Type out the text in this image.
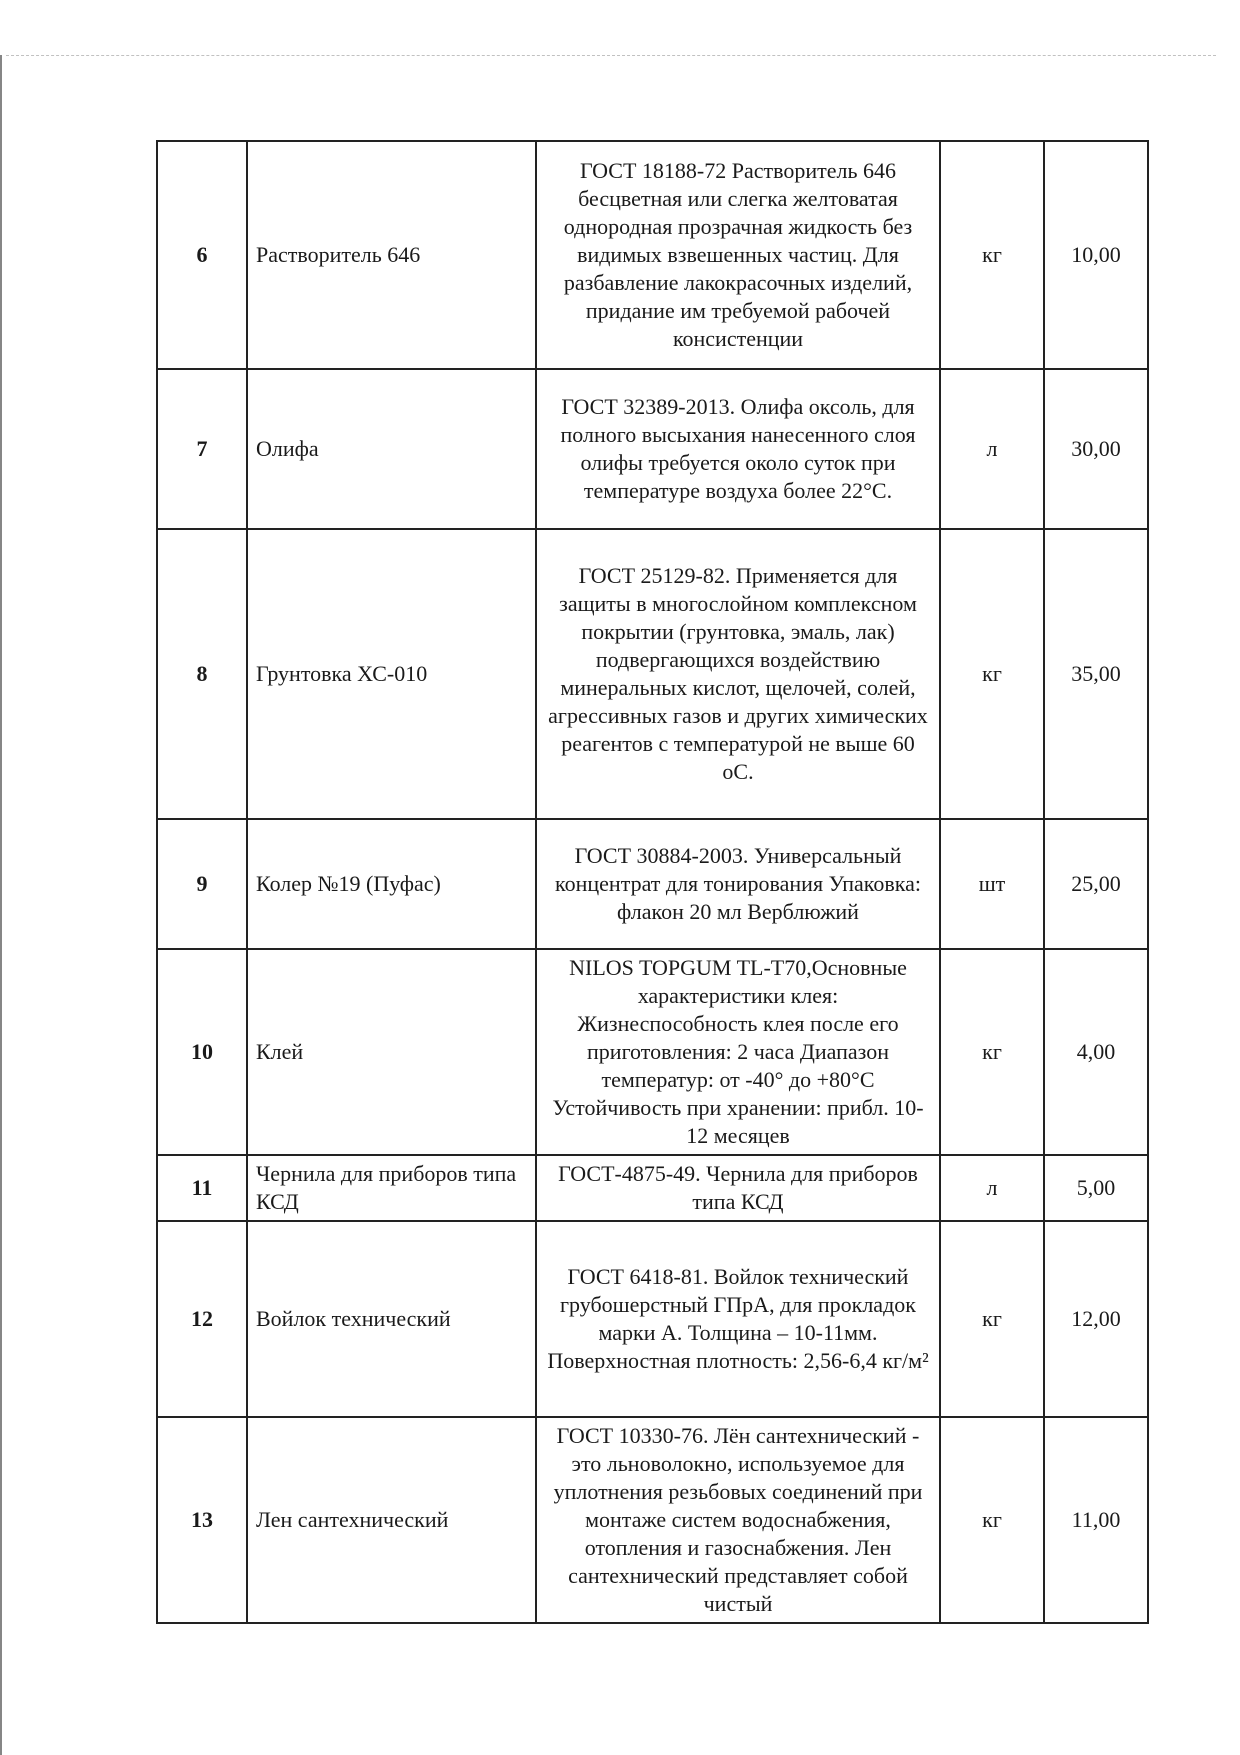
6	Растворитель 646	ГОСТ 18188-72 Растворитель 646 бесцветная или слегка желтоватая однородная прозрачная жидкость без видимых взвешенных частиц. Для разбавление лакокрасочных изделий, придание им требуемой рабочей консистенции	кг	10,00
7	Олифа	ГОСТ 32389-2013. Олифа оксоль, для полного высыхания нанесенного слоя олифы требуется около суток при температуре воздуха более 22°С.	л	30,00
8	Грунтовка ХС-010	ГОСТ 25129-82. Применяется для защиты в многослойном комплексном покрытии (грунтовка, эмаль, лак) подвергающихся воздействию минеральных кислот, щелочей, солей, агрессивных газов и других химических реагентов с температурой не выше 60 оС.	кг	35,00
9	Колер №19 (Пуфас)	ГОСТ 30884-2003. Универсальный концентрат для тонирования Упаковка: флакон 20 мл Верблюжий	шт	25,00
10	Клей	NILOS TOPGUM TL-T70,Основные характеристики клея: Жизнеспособность клея после его приготовления: 2 часа Диапазон температур: от -40° до +80°С Устойчивость при хранении: прибл. 10-12 месяцев	кг	4,00
11	Чернила для приборов типа КСД	ГОСТ-4875-49. Чернила для приборов типа КСД	л	5,00
12	Войлок технический	ГОСТ 6418-81. Войлок технический грубошерстный ГПрА, для прокладок марки А. Толщина – 10-11мм. Поверхностная плотность: 2,56-6,4 кг/м²	кг	12,00
13	Лен сантехнический	ГОСТ 10330-76. Лён сантехнический - это льноволокно, используемое для уплотнения резьбовых соединений при монтаже систем водоснабжения, отопления и газоснабжения. Лен сантехнический представляет собой чистый	кг	11,00
